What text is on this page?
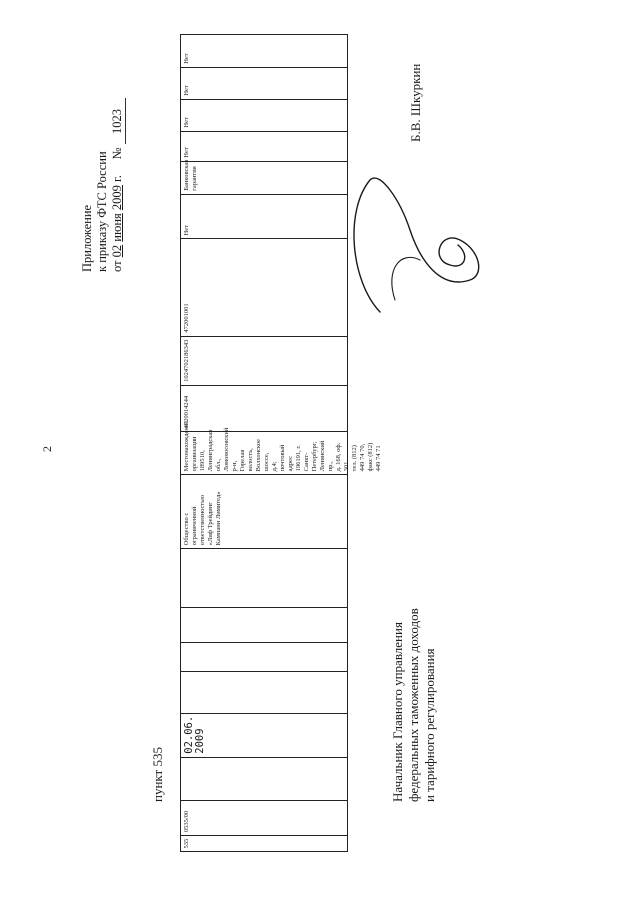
2
Приложение к приказу ФТС России от 02 июня 2009 г.     № 1023
пункт 535
535
0535/00
02.06.
2009
Общество с ограниченной ответственностью «Лиф Трейдинг Кампани Лимитед»
Местонахождение организации
189510,
Ленинградская обл.,
Ломоносовский р-н,
Горелая волость,
Волхонское шоссе,
д.4;
почтовый адрес
196191, г. Санкт-Петербург,
Ленинский пр.,
д. 168, оф. 301
тел. (812) 449 74 70,
факс (812) 449 74 71
4720014244
1024702186343
472001001
Нет
Банковская гарантия
Нет
Нет
Нет
Нет
Начальник Главного управления федеральных таможенных доходов и тарифного регулирования
Б.В. Шкуркин
